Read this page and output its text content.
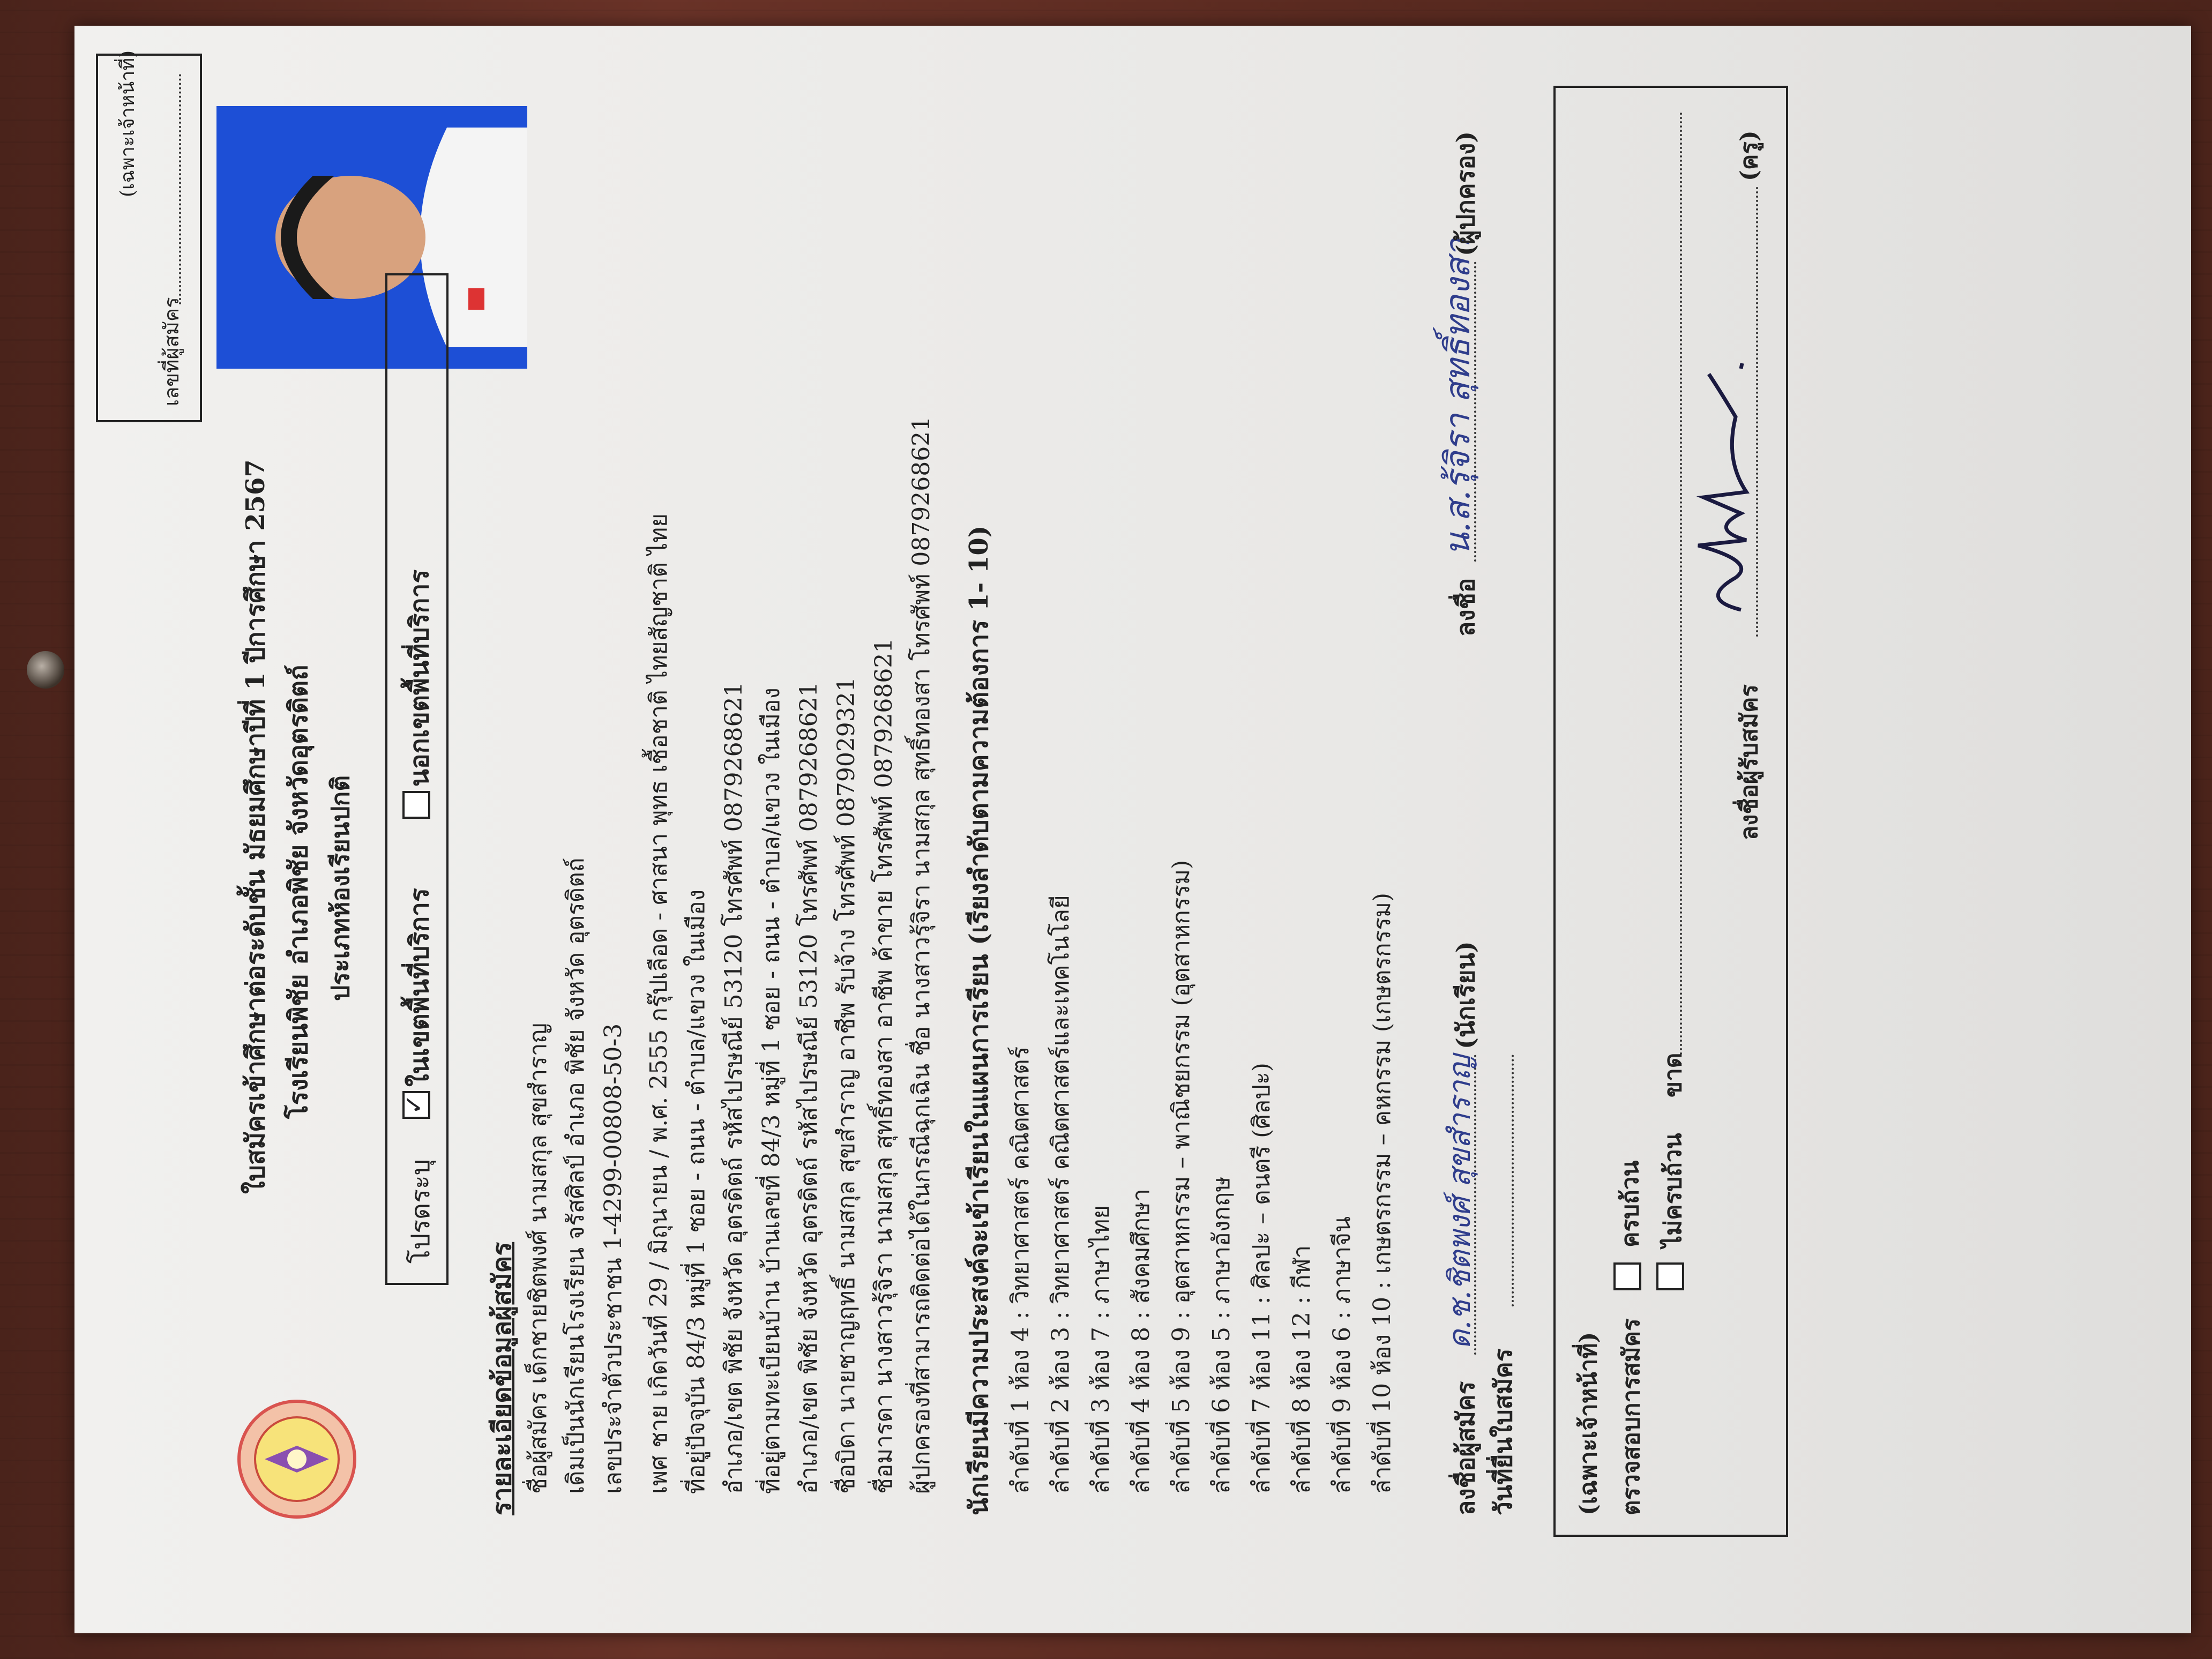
ใบสมัครเข้าศึกษาต่อระดับชั้น มัธยมศึกษาปีที่ 1 ปีการศึกษา 2567 โรงเรียนพิชัย อำเภอพิชัย จังหวัดอุตรดิตถ์ ประเภทห้องเรียนปกติ
(เฉพาะเจ้าหน้าที่)
เลขที่ผู้สมัคร
โปรดระบุ
✓
ในเขตพื้นที่บริการ
นอกเขตพื้นที่บริการ
รายละเอียดข้อมูลผู้สมัคร ชื่อผู้สมัคร เด็กชายชิตพงศ์ นามสกุล สุขสำราญ เดิมเป็นนักเรียนโรงเรียน จรัสศิลป์ อำเภอ พิชัย จังหวัด อุตรดิตถ์ เลขประจำตัวประชาชน 1-4299-00808-50-3 เพศ ชาย เกิดวันที่ 29 / มิถุนายน / พ.ศ. 2555 กรุ๊ปเลือด - ศาสนา พุทธ เชื้อชาติ ไทยสัญชาติ ไทย ที่อยู่ปัจจุบัน 84/3 หมู่ที่ 1 ซอย - ถนน - ตำบล/แขวง ในเมือง อำเภอ/เขต พิชัย จังหวัด อุตรดิตถ์ รหัสไปรษณีย์ 53120 โทรศัพท์ 0879268621 ที่อยู่ตามทะเบียนบ้าน บ้านเลขที่ 84/3 หมู่ที่ 1 ซอย - ถนน - ตำบล/แขวง ในเมือง อำเภอ/เขต พิชัย จังหวัด อุตรดิตถ์ รหัสไปรษณีย์ 53120 โทรศัพท์ 0879268621 ชื่อบิดา นายชาญฤทธิ์ นามสกุล สุขสำราญ อาชีพ รับจ้าง โทรศัพท์ 0879029321 ชื่อมารดา นางสาวรุ้จิรา นามสกุล สุทธิ์ทองสา อาชีพ ค้าขาย โทรศัพท์ 0879268621 ผู้ปกครองที่สามารถติดต่อได้ในกรณีฉุกเฉิน ชื่อ นางสาวรุ้จิรา นามสกุล สุทธิ์ทองสา โทรศัพท์ 0879268621 นักเรียนมีความประสงค์จะเข้าเรียนในแผนการเรียน (เรียงลำดับตามความต้องการ 1- 10) ลำดับที่ 1 ห้อง 4 : วิทยาศาสตร์ คณิตศาสตร์ ลำดับที่ 2 ห้อง 3 : วิทยาศาสตร์ คณิตศาสตร์และเทคโนโลยี ลำดับที่ 3 ห้อง 7 : ภาษาไทย ลำดับที่ 4 ห้อง 8 : สังคมศึกษา ลำดับที่ 5 ห้อง 9 : อุตสาหกรรม – พาณิชยกรรม (อุตสาหกรรม) ลำดับที่ 6 ห้อง 5 : ภาษาอังกฤษ ลำดับที่ 7 ห้อง 11 : ศิลปะ – ดนตรี (ศิลปะ) ลำดับที่ 8 ห้อง 12 : กีฬา ลำดับที่ 9 ห้อง 6 : ภาษาจีน ลำดับที่ 10 ห้อง 10 : เกษตรกรรม – คหกรรม (เกษตรกรรม) ลงชื่อผู้สมัคร
ด.ช.ชิตพงศ์ สุขสำราญ
(นักเรียน)
วันที่ยื่นใบสมัคร
ลงชื่อ
น.ส.รุ้จิรา สุทธิ์ทองสา
(ผู้ปกครอง)
(เฉพาะเจ้าหน้าที่) ตรวจสอบการสมัคร
ครบถ้วน ไม่ครบถ้วน
ขาด
ลงชื่อผู้รับสมัคร
(ครู)
